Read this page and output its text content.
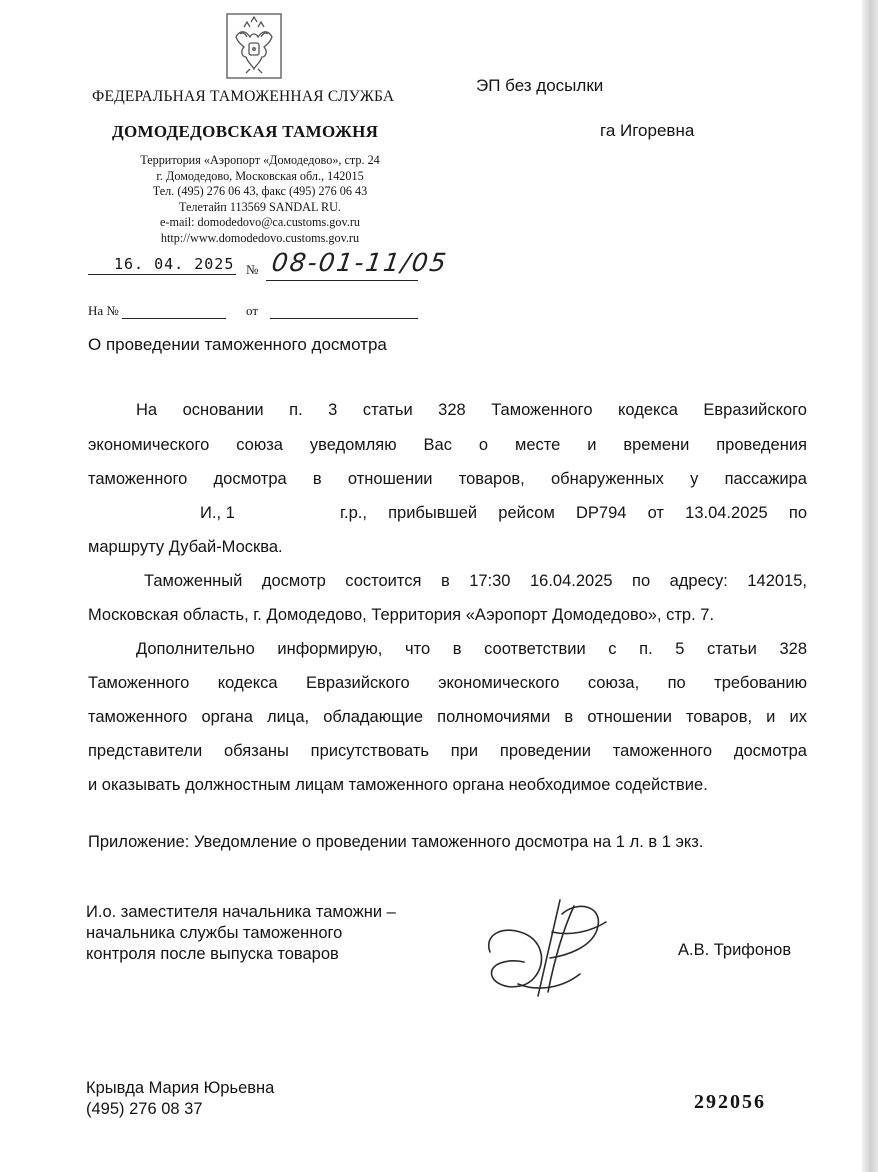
ФЕДЕРАЛЬНАЯ ТАМОЖЕННАЯ СЛУЖБА
ДОМОДЕДОВСКАЯ ТАМОЖНЯ
Территория «Аэропорт «Домодедово», стр. 24
г. Домодедово, Московская обл., 142015
Тел. (495) 276 06 43, факс (495) 276 06 43
Телетайп 113569 SANDAL RU.
e-mail: domodedovo@ca.customs.gov.ru
http://www.domodedovo.customs.gov.ru
ЭП без досылки
га Игоревна
16. 04. 2025 № 08-01-11/05
На №	от
О проведении таможенного досмотра
На основании п. 3 статьи 328 Таможенного кодекса Евразийского
экономического союза уведомляю Вас о месте и времени проведения
таможенного досмотра в отношении товаров, обнаруженных у пассажира
И., 1	г.р., прибывшей рейсом DP794 от 13.04.2025 по
маршруту Дубай-Москва.
Таможенный досмотр состоится в 17:30 16.04.2025 по адресу: 142015,
Московская область, г. Домодедово, Территория «Аэропорт Домодедово», стр. 7.
Дополнительно информирую, что в соответствии с п. 5 статьи 328
Таможенного кодекса Евразийского экономического союза, по требованию
таможенного органа лица, обладающие полномочиями в отношении товаров, и их
представители обязаны присутствовать при проведении таможенного досмотра
и оказывать должностным лицам таможенного органа необходимое содействие.
Приложение: Уведомление о проведении таможенного досмотра на 1 л. в 1 экз.
И.о. заместителя начальника таможни –
начальника службы таможенного
контроля после выпуска товаров	А.В. Трифонов
Крывда Мария Юрьевна
(495) 276 08 37	292056
